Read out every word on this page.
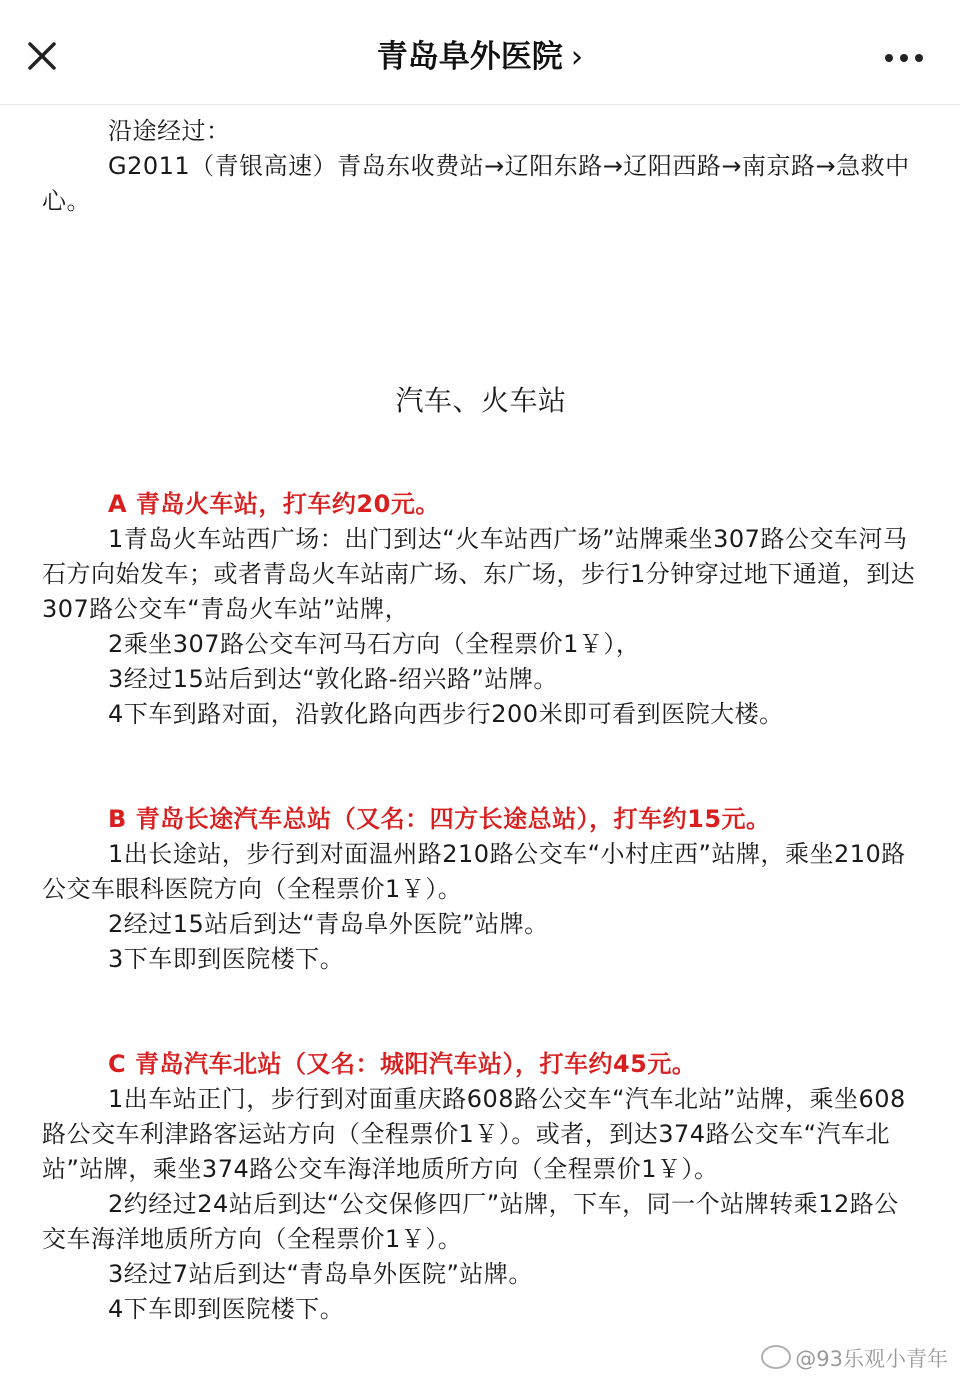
青岛阜外医院 ›

沿途经过：

G2011（青银高速）青岛东收费站→辽阳东路→辽阳西路→南京路→急救中心。

汽车、火车站

A 青岛火车站，打车约20元。

1青岛火车站西广场：出门到达“火车站西广场”站牌乘坐307路公交车河马石方向始发车；或者青岛火车站南广场、东广场，步行1分钟穿过地下通道，到达307路公交车“青岛火车站”站牌，

2乘坐307路公交车河马石方向（全程票价1￥），

3经过15站后到达“敦化路-绍兴路”站牌。

4下车到路对面，沿敦化路向西步行200米即可看到医院大楼。

B 青岛长途汽车总站（又名：四方长途总站），打车约15元。

1出长途站，步行到对面温州路210路公交车“小村庄西”站牌，乘坐210路公交车眼科医院方向（全程票价1￥）。

2经过15站后到达“青岛阜外医院”站牌。

3下车即到医院楼下。

C 青岛汽车北站（又名：城阳汽车站），打车约45元。

1出车站正门，步行到对面重庆路608路公交车“汽车北站”站牌，乘坐608路公交车利津路客运站方向（全程票价1￥）。或者，到达374路公交车“汽车北站”站牌，乘坐374路公交车海洋地质所方向（全程票价1￥）。

2约经过24站后到达“公交保修四厂”站牌，下车，同一个站牌转乘12路公交车海洋地质所方向（全程票价1￥）。

3经过7站后到达“青岛阜外医院”站牌。

4下车即到医院楼下。

@93乐观小青年
